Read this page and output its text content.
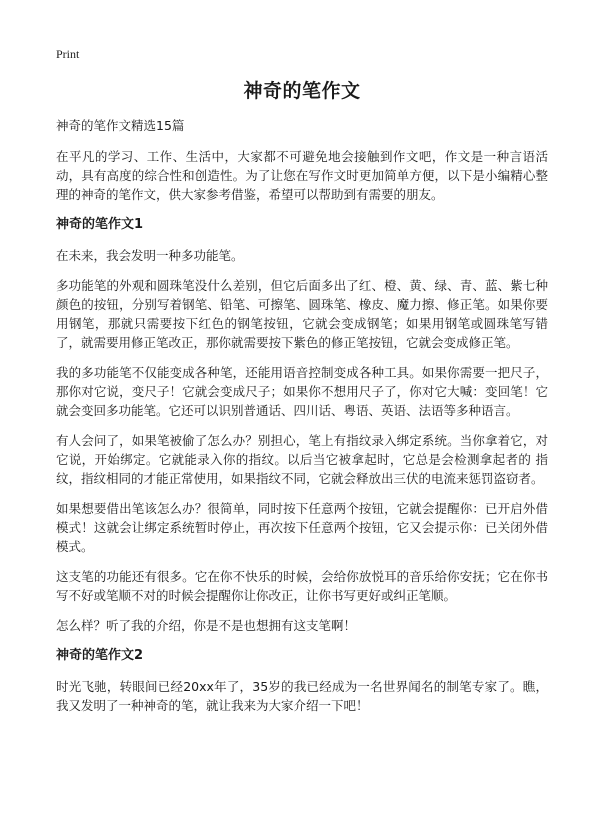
Print
神奇的笔作文

神奇的笔作文精选15篇

在平凡的学习、工作、生活中，大家都不可避免地会接触到作文吧，作文是一种言语活动，具有高度的综合性和创造性。为了让您在写作文时更加简单方便，以下是小编精心整理的神奇的笔作文，供大家参考借鉴，希望可以帮助到有需要的朋友。

神奇的笔作文1

在未来，我会发明一种多功能笔。

多功能笔的外观和圆珠笔没什么差别，但它后面多出了红、橙、黄、绿、青、蓝、紫七种颜色的按钮，分别写着钢笔、铅笔、可擦笔、圆珠笔、橡皮、魔力擦、修正笔。如果你要用钢笔，那就只需要按下红色的钢笔按钮，它就会变成钢笔；如果用钢笔或圆珠笔写错了，就需要用修正笔改正，那你就需要按下紫色的修正笔按钮，它就会变成修正笔。

我的多功能笔不仅能变成各种笔，还能用语音控制变成各种工具。如果你需要一把尺子，那你对它说，变尺子！它就会变成尺子；如果你不想用尺子了，你对它大喊：变回笔！它就会变回多功能笔。它还可以识别普通话、四川话、粤语、英语、法语等多种语言。

有人会问了，如果笔被偷了怎么办？别担心，笔上有指纹录入绑定系统。当你拿着它，对它说，开始绑定。它就能录入你的指纹。以后当它被拿起时，它总是会检测拿起者的 指纹，指纹相同的才能正常使用，如果指纹不同，它就会释放出三伏的电流来惩罚盗窃者。

如果想要借出笔该怎么办？很简单，同时按下任意两个按钮，它就会提醒你：已开启外借模式！这就会让绑定系统暂时停止，再次按下任意两个按钮，它又会提示你：已关闭外借模式。

这支笔的功能还有很多。它在你不快乐的时候，会给你放悦耳的音乐给你安抚；它在你书写不好或笔顺不对的时候会提醒你让你改正，让你书写更好或纠正笔顺。

怎么样？听了我的介绍，你是不是也想拥有这支笔啊！

神奇的笔作文2

时光飞驰，转眼间已经20xx年了，35岁的我已经成为一名世界闻名的制笔专家了。瞧，我又发明了一种神奇的笔，就让我来为大家介绍一下吧！
